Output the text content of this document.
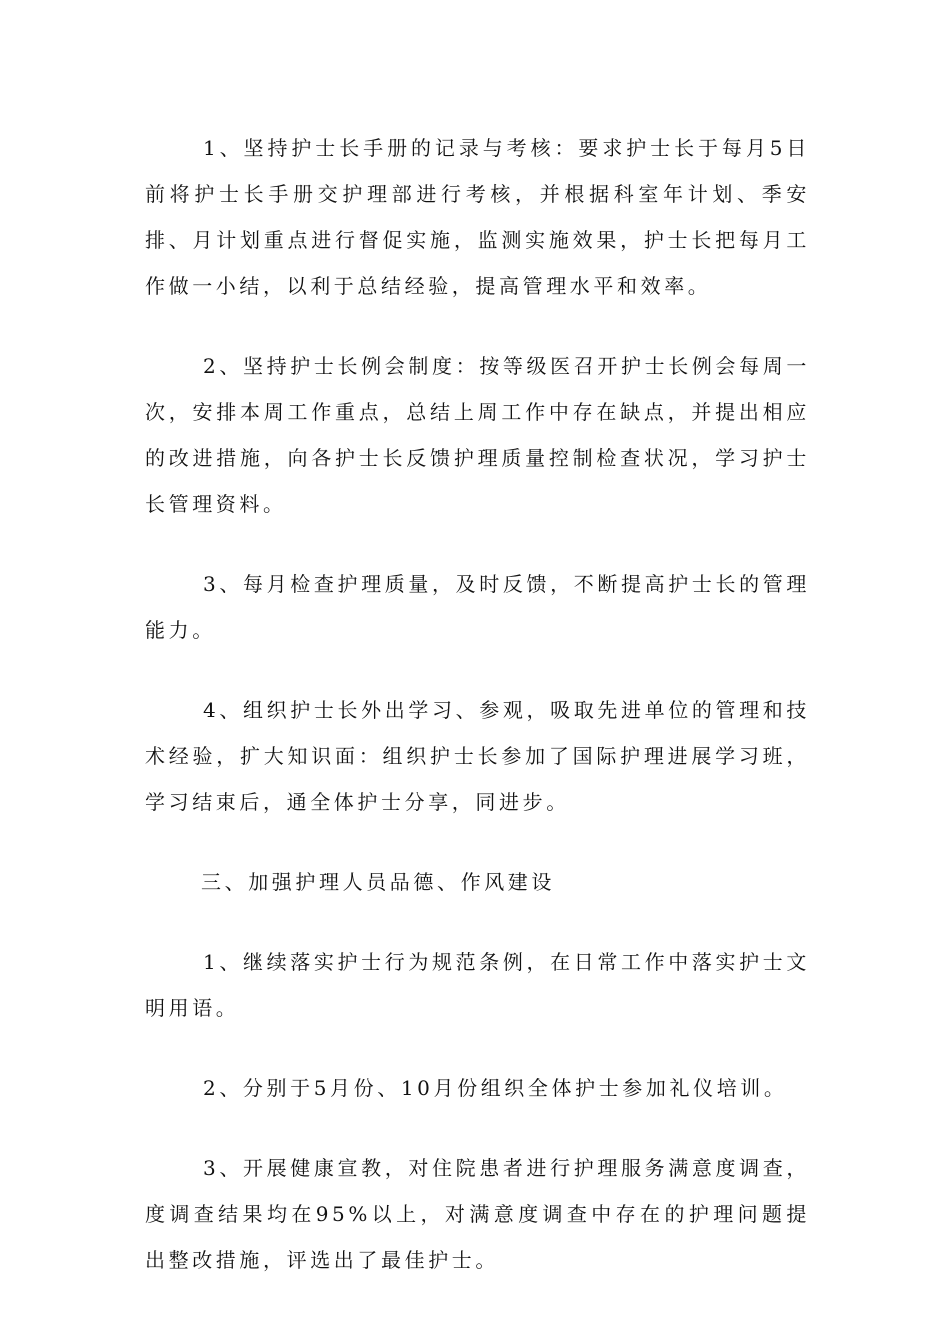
1、坚持护士长手册的记录与考核：要求护士长于每月5日前将护士长手册交护理部进行考核，并根据科室年计划、季安排、月计划重点进行督促实施，监测实施效果，护士长把每月工作做一小结，以利于总结经验，提高管理水平和效率。

2、坚持护士长例会制度：按等级医召开护士长例会每周一次，安排本周工作重点，总结上周工作中存在缺点，并提出相应的改进措施，向各护士长反馈护理质量控制检查状况，学习护士长管理资料。

3、每月检查护理质量，及时反馈，不断提高护士长的管理能力。

4、组织护士长外出学习、参观，吸取先进单位的管理和技术经验，扩大知识面：组织护士长参加了国际护理进展学习班，学习结束后，通全体护士分享，同进步。

三、加强护理人员品德、作风建设

1、继续落实护士行为规范条例，在日常工作中落实护士文明用语。

2、分别于5月份、10月份组织全体护士参加礼仪培训。

3、开展健康宣教，对住院患者进行护理服务满意度调查，度调查结果均在95%以上，对满意度调查中存在的护理问题提出整改措施，评选出了最佳护士。
